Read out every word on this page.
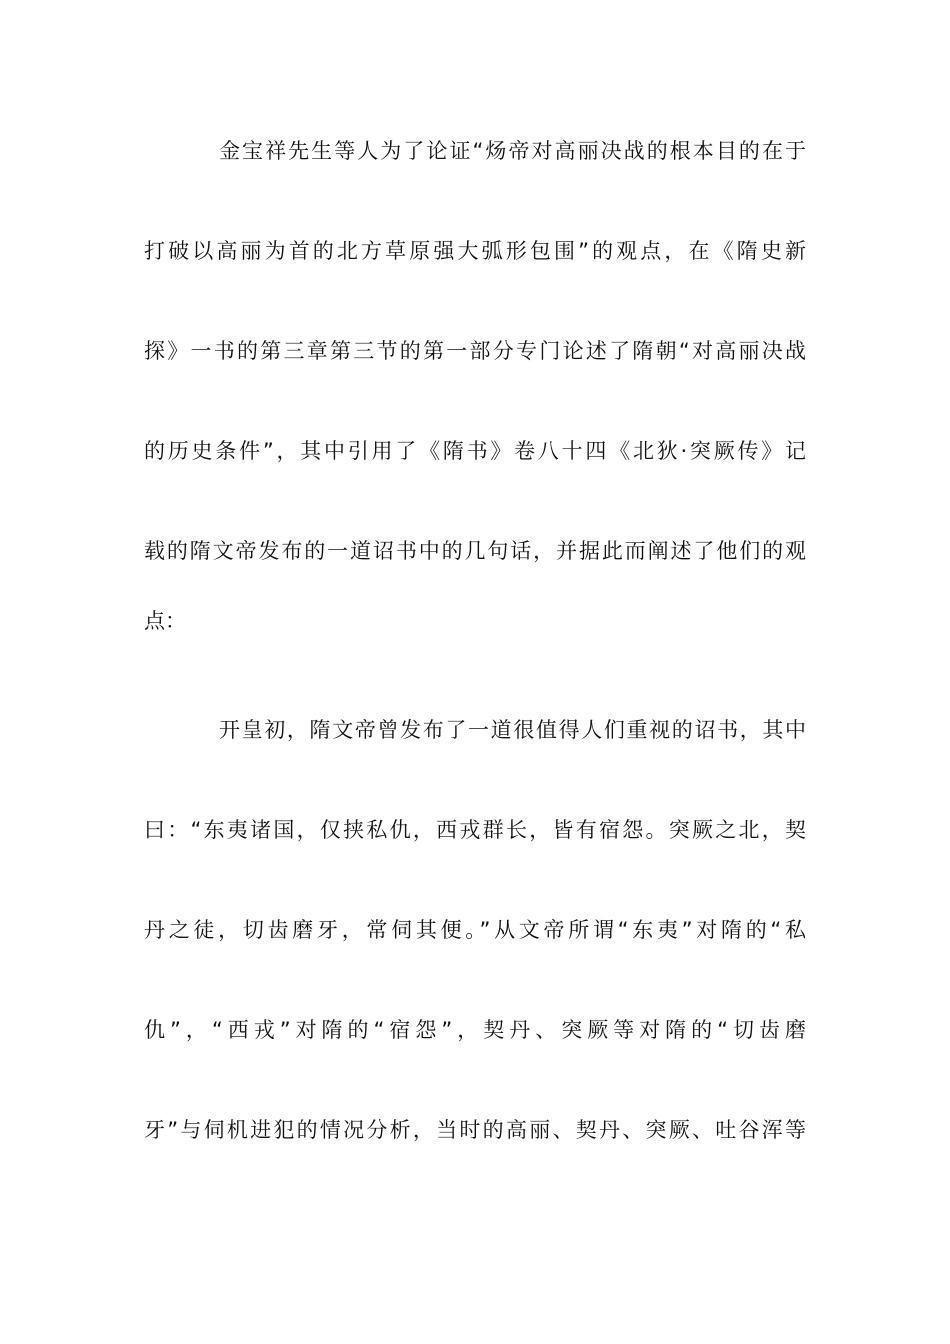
金宝祥先生等人为了论证“炀帝对高丽决战的根本目的在于
打破以高丽为首的北方草原强大弧形包围”的观点，在《隋史新
探》一书的第三章第三节的第一部分专门论述了隋朝“对高丽决战
的历史条件”，其中引用了《隋书》卷八十四《北狄·突厥传》记
载的隋文帝发布的一道诏书中的几句话，并据此而阐述了他们的观
点：
开皇初，隋文帝曾发布了一道很值得人们重视的诏书，其中
曰：“东夷诸国，仅挟私仇，西戎群长，皆有宿怨。突厥之北，契
丹之徒，切齿磨牙，常伺其便。”从文帝所谓“东夷”对隋的“私
仇”，“西戎”对隋的“宿怨”，契丹、突厥等对隋的“切齿磨
牙”与伺机进犯的情况分析，当时的高丽、契丹、突厥、吐谷浑等
